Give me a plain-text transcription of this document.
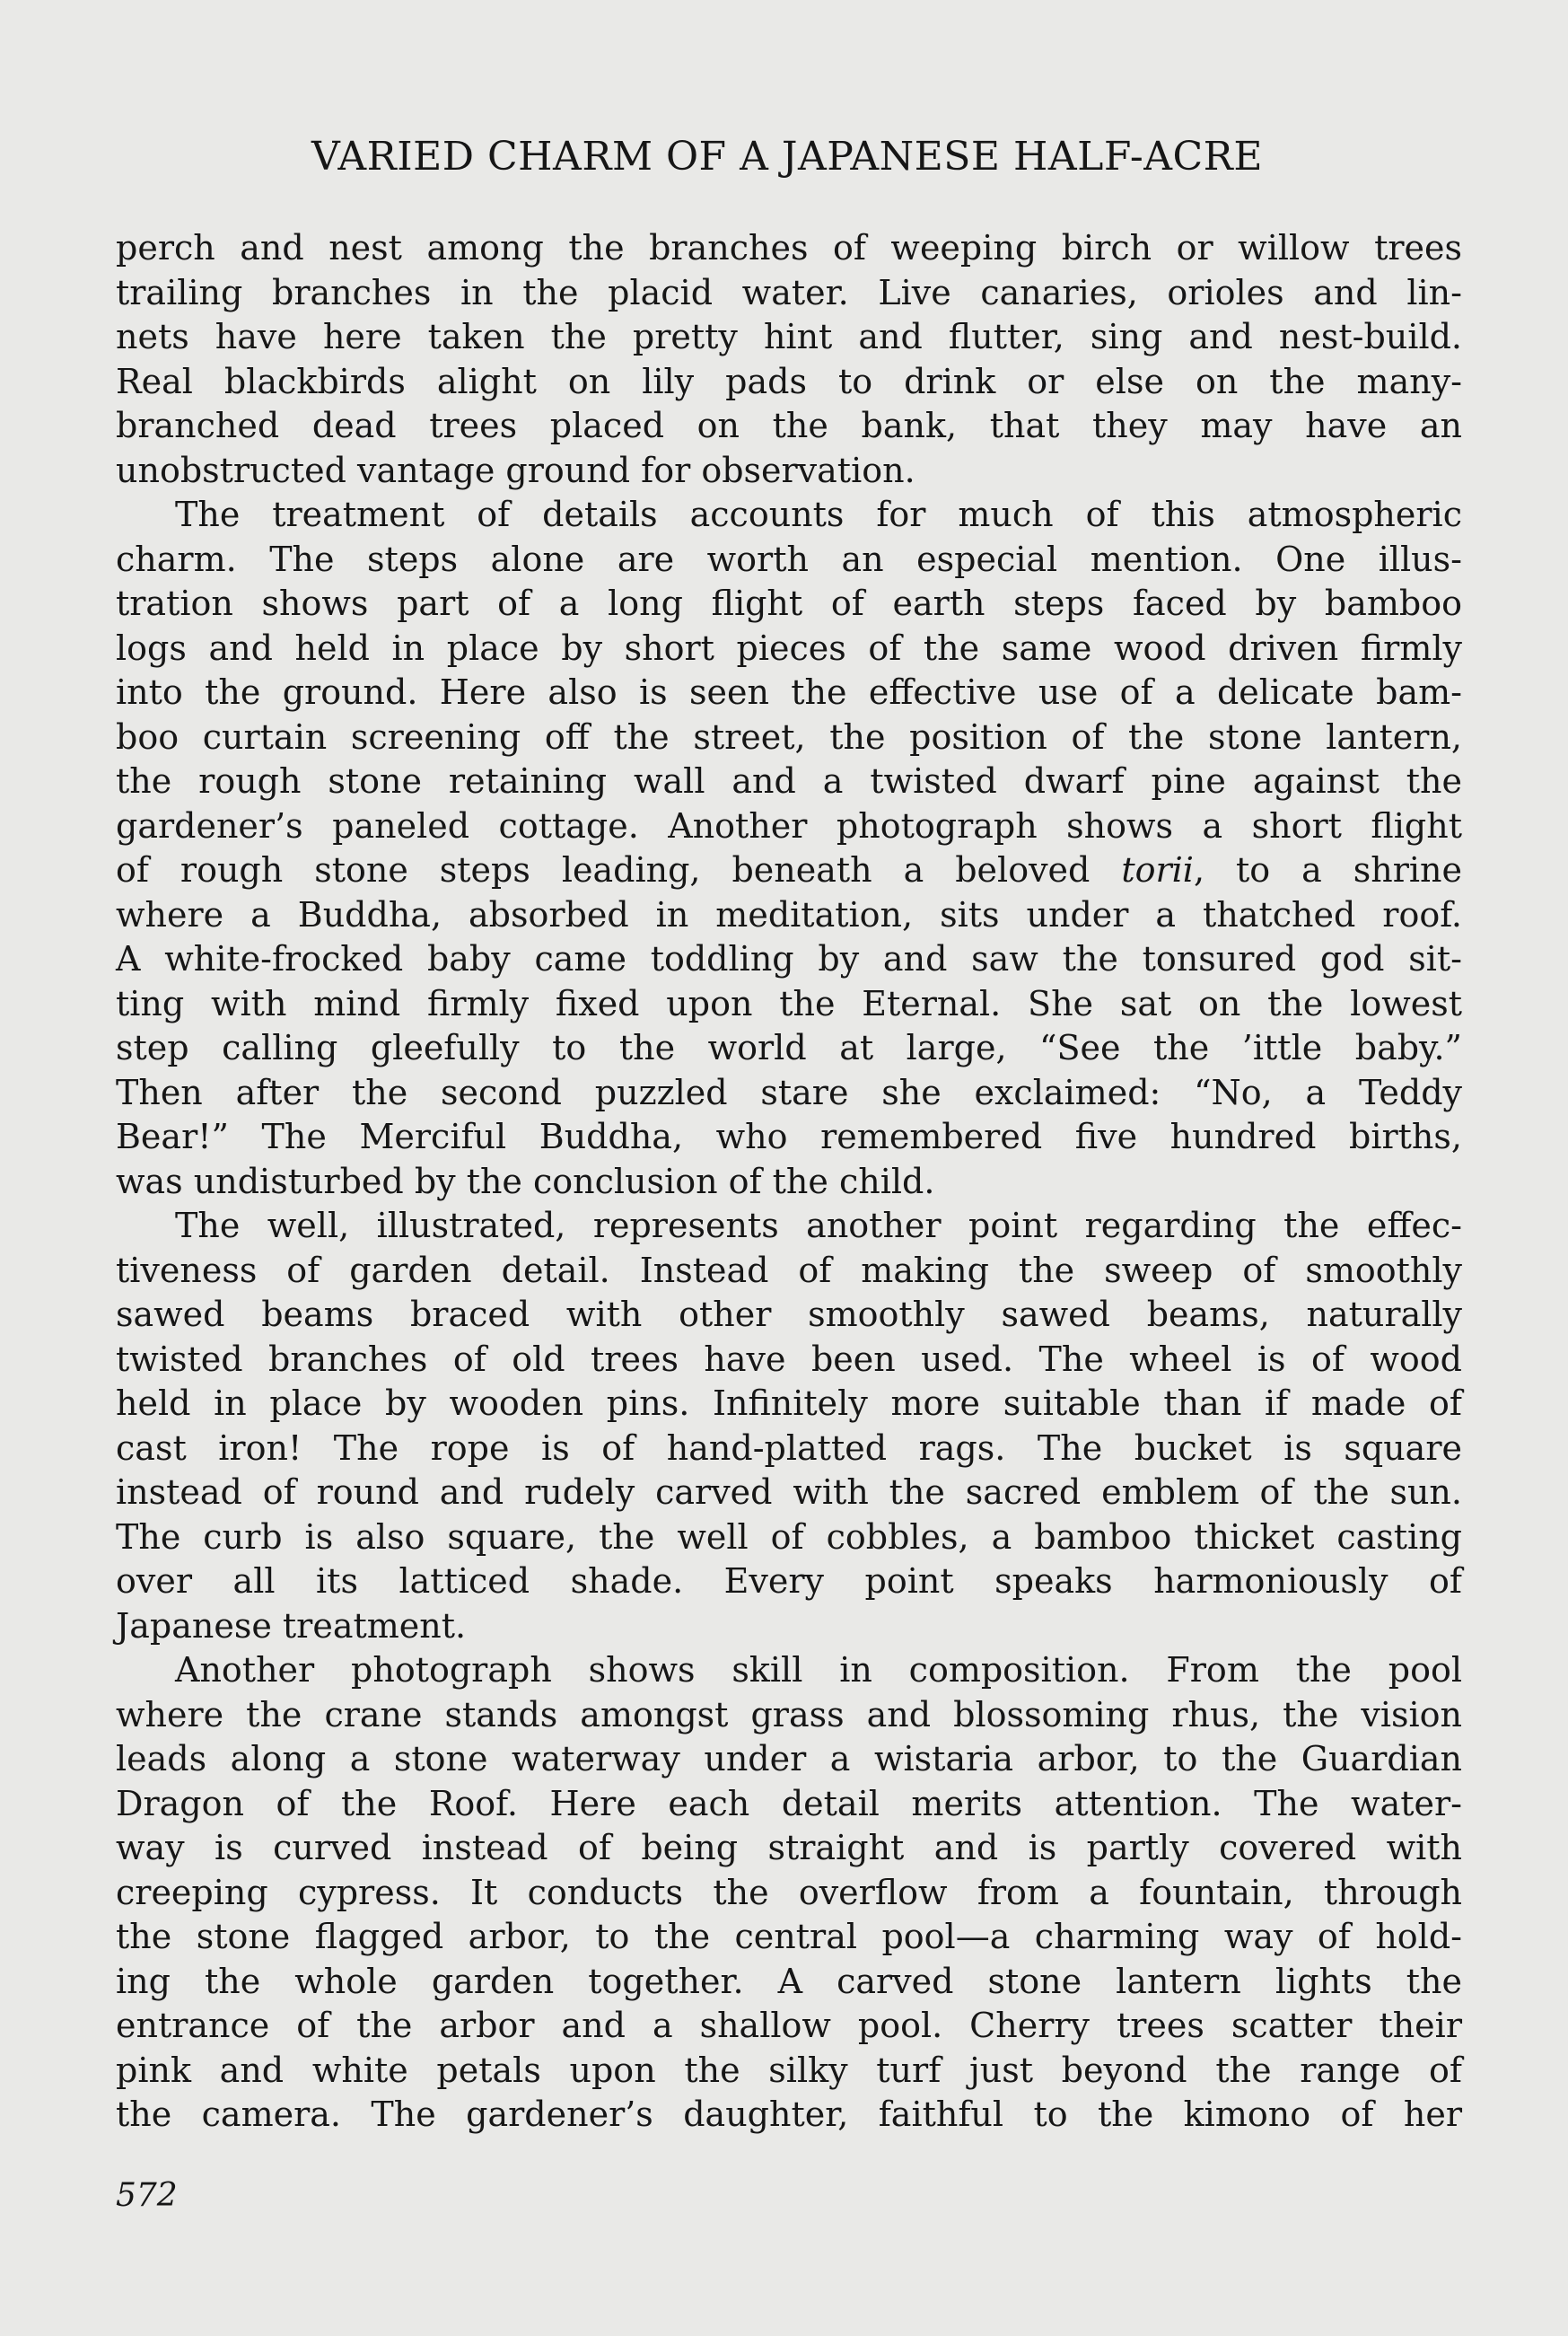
VARIED CHARM OF A JAPANESE HALF-ACRE
perch and nest among the branches of weeping birch or willow trees
trailing branches in the placid water. Live canaries, orioles and lin-
nets have here taken the pretty hint and flutter, sing and nest-build.
Real blackbirds alight on lily pads to drink or else on the many-
branched dead trees placed on the bank, that they may have an
unobstructed vantage ground for observation.
The treatment of details accounts for much of this atmospheric
charm. The steps alone are worth an especial mention. One illus-
tration shows part of a long flight of earth steps faced by bamboo
logs and held in place by short pieces of the same wood driven firmly
into the ground. Here also is seen the effective use of a delicate bam-
boo curtain screening off the street, the position of the stone lantern,
the rough stone retaining wall and a twisted dwarf pine against the
gardener’s paneled cottage. Another photograph shows a short flight
of rough stone steps leading, beneath a beloved torii, to a shrine
where a Buddha, absorbed in meditation, sits under a thatched roof.
A white-frocked baby came toddling by and saw the tonsured god sit-
ting with mind firmly fixed upon the Eternal. She sat on the lowest
step calling gleefully to the world at large, “See the ’ittle baby.”
Then after the second puzzled stare she exclaimed: “No, a Teddy
Bear!” The Merciful Buddha, who remembered five hundred births,
was undisturbed by the conclusion of the child.
The well, illustrated, represents another point regarding the effec-
tiveness of garden detail. Instead of making the sweep of smoothly
sawed beams braced with other smoothly sawed beams, naturally
twisted branches of old trees have been used. The wheel is of wood
held in place by wooden pins. Infinitely more suitable than if made of
cast iron! The rope is of hand-platted rags. The bucket is square
instead of round and rudely carved with the sacred emblem of the sun.
The curb is also square, the well of cobbles, a bamboo thicket casting
over all its latticed shade. Every point speaks harmoniously of
Japanese treatment.
Another photograph shows skill in composition. From the pool
where the crane stands amongst grass and blossoming rhus, the vision
leads along a stone waterway under a wistaria arbor, to the Guardian
Dragon of the Roof. Here each detail merits attention. The water-
way is curved instead of being straight and is partly covered with
creeping cypress. It conducts the overflow from a fountain, through
the stone flagged arbor, to the central pool—a charming way of hold-
ing the whole garden together. A carved stone lantern lights the
entrance of the arbor and a shallow pool. Cherry trees scatter their
pink and white petals upon the silky turf just beyond the range of
the camera. The gardener’s daughter, faithful to the kimono of her
572
